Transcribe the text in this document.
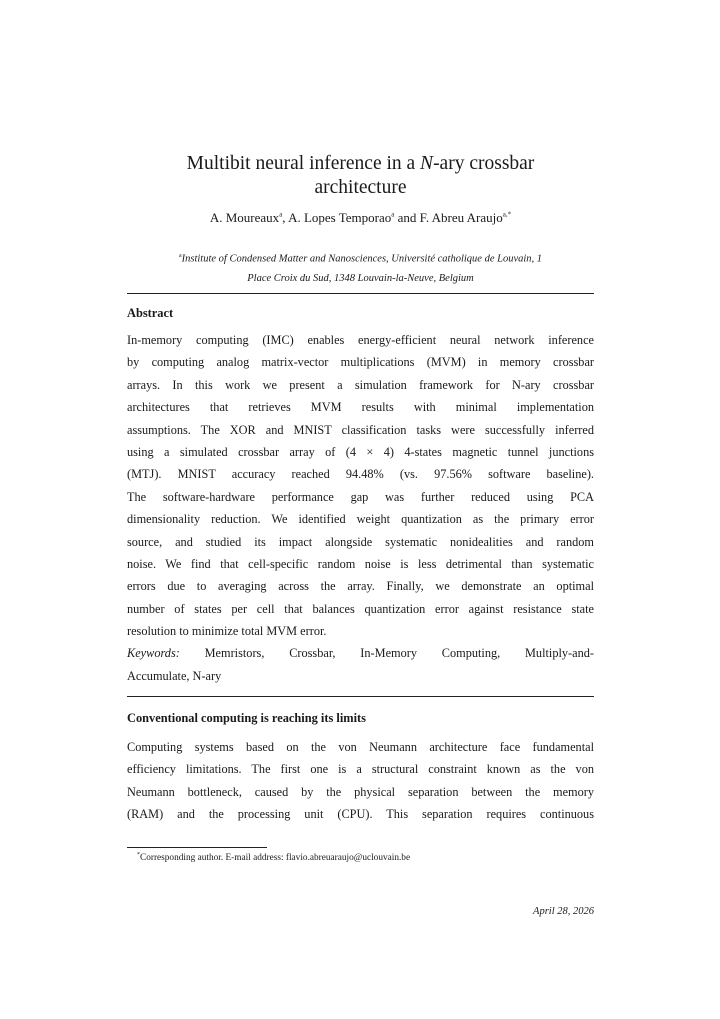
Multibit neural inference in a N-ary crossbar
architecture
A. Moureaux$^a$, A. Lopes Temporao$^a$ and F. Abreu Araujo$^{a,*}$
$^a$Institute of Condensed Matter and Nanosciences, Université catholique de Louvain, 1
Place Croix du Sud, 1348 Louvain-la-Neuve, Belgium
Abstract
In-memory computing (IMC) enables energy-efficient neural network inference
by computing analog matrix-vector multiplications (MVM) in memory crossbar
arrays. In this work we present a simulation framework for N-ary crossbar
architectures that retrieves MVM results with minimal implementation
assumptions. The XOR and MNIST classification tasks were successfully inferred
using a simulated crossbar array of (4 × 4) 4-states magnetic tunnel junctions
(MTJ). MNIST accuracy reached 94.48% (vs. 97.56% software baseline).
The software-hardware performance gap was further reduced using PCA
dimensionality reduction. We identified weight quantization as the primary error
source, and studied its impact alongside systematic nonidealities and random
noise. We find that cell-specific random noise is less detrimental than systematic
errors due to averaging across the array. Finally, we demonstrate an optimal
number of states per cell that balances quantization error against resistance state
resolution to minimize total MVM error.
Keywords: Memristors, Crossbar, In-Memory Computing, Multiply-and-
Accumulate, N-ary
Conventional computing is reaching its limits
Computing systems based on the von Neumann architecture face fundamental
efficiency limitations. The first one is a structural constraint known as the von
Neumann bottleneck, caused by the physical separation between the memory
(RAM) and the processing unit (CPU). This separation requires continuous
*Corresponding author. E-mail address: flavio.abreuaraujo@uclouvain.be
April 28, 2026
